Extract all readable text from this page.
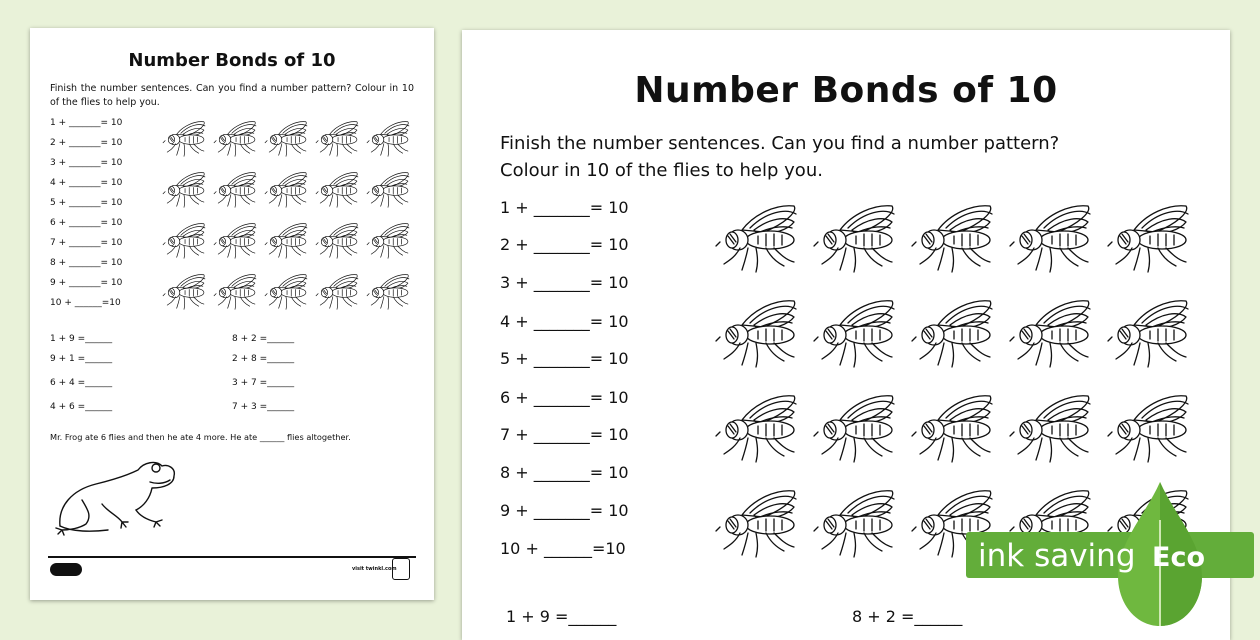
Number Bonds of 10
Finish the number sentences. Can you find a number pattern? Colour in 10 of the flies to help you.
1 + _______= 10
2 + _______= 10
3 + _______= 10
4 + _______= 10
5 + _______= 10
6 + _______= 10
7 + _______= 10
8 + _______= 10
9 + _______= 10
10 + ______=10
1 + 9 =______
9 + 1 =______
6 + 4 =______
4 + 6 =______
8 + 2 =______
2 + 8 =______
3 + 7 =______
7 + 3 =______
Mr. Frog ate 6 flies and then he ate 4 more. He ate ______ flies altogether.
visit twinkl.com
Number Bonds of 10
Finish the number sentences. Can you find a number pattern?
Colour in 10 of the flies to help you.
1 + _______= 10
2 + _______= 10
3 + _______= 10
4 + _______= 10
5 + _______= 10
6 + _______= 10
7 + _______= 10
8 + _______= 10
9 + _______= 10
10 + ______=10
1 + 9 =______	8 + 2 =______
ink saving Eco
